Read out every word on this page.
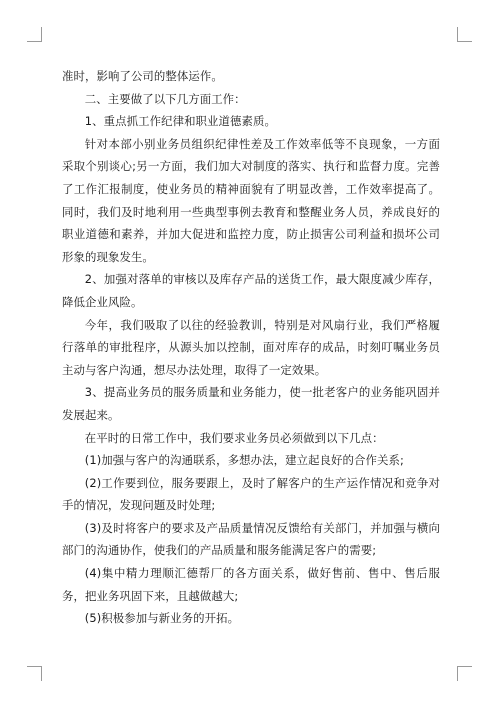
准时，影响了公司的整体运作。

二、主要做了以下几方面工作：

1、重点抓工作纪律和职业道德素质。

针对本部小别业务员组织纪律性差及工作效率低等不良现象，一方面采取个别谈心;另一方面，我们加大对制度的落实、执行和监督力度。完善了工作汇报制度，使业务员的精神面貌有了明显改善，工作效率提高了。同时，我们及时地利用一些典型事例去教育和整醒业务人员，养成良好的职业道德和素养，并加大促进和监控力度，防止损害公司利益和损坏公司形象的现象发生。

2、加强对落单的审核以及库存产品的送货工作，最大限度减少库存，降低企业风险。

今年，我们吸取了以往的经验教训，特别是对风扇行业，我们严格履行落单的审批程序，从源头加以控制，面对库存的成品，时刻叮嘱业务员主动与客户沟通，想尽办法处理，取得了一定效果。

3、提高业务员的服务质量和业务能力，使一批老客户的业务能巩固并发展起来。

在平时的日常工作中，我们要求业务员必须做到以下几点：

(1)加强与客户的沟通联系，多想办法，建立起良好的合作关系;

(2)工作要到位，服务要跟上，及时了解客户的生产运作情况和竞争对手的情况，发现问题及时处理;

(3)及时将客户的要求及产品质量情况反馈给有关部门，并加强与横向部门的沟通协作，使我们的产品质量和服务能满足客户的需要;

(4)集中精力理顺汇德帮厂的各方面关系，做好售前、售中、售后服务，把业务巩固下来，且越做越大;

(5)积极参加与新业务的开拓。
